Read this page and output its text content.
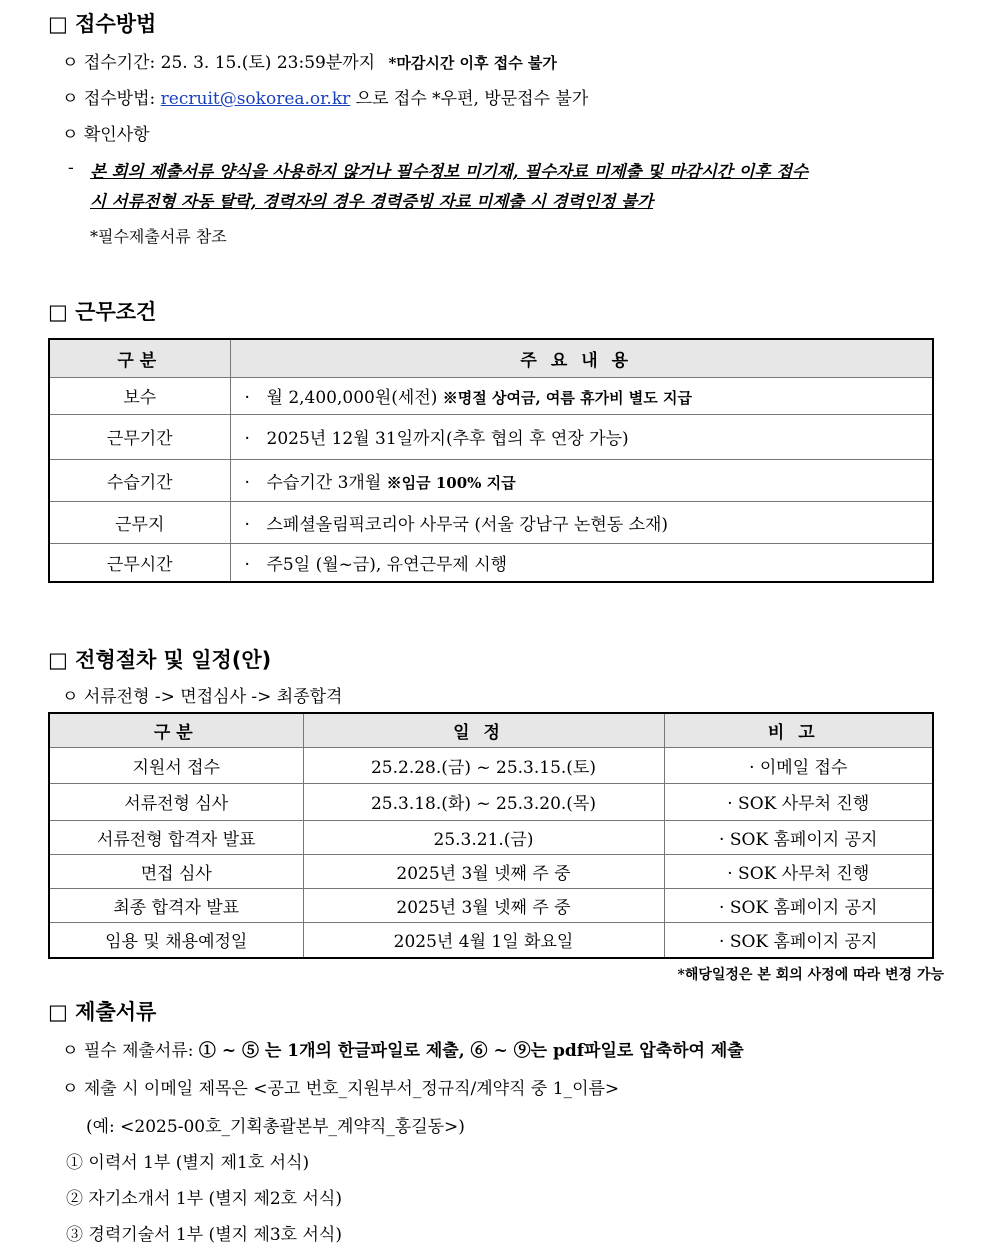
□ 접수방법
ㅇ 접수기간: 25. 3. 15.(토) 23:59분까지 *마감시간 이후 접수 불가
ㅇ 접수방법: recruit@sokorea.or.kr 으로 접수 *우편, 방문접수 불가
ㅇ 확인사항
- 본 회의 제출서류 양식을 사용하지 않거나 필수정보 미기재, 필수자료 미제출 및 마감시간 이후 접수
시 서류전형 자동 탈락, 경력자의 경우 경력증빙 자료 미제출 시 경력인정 불가
*필수제출서류 참조
□ 근무조건
구분	주요내용
보수	· 월 2,400,000원(세전) ※명절 상여금, 여름 휴가비 별도 지급
근무기간	· 2025년 12월 31일까지(추후 협의 후 연장 가능)
수습기간	· 수습기간 3개월 ※임금 100% 지급
근무지	· 스페셜올림픽코리아 사무국 (서울 강남구 논현동 소재)
근무시간	· 주5일 (월~금), 유연근무제 시행
□ 전형절차 및 일정(안)
ㅇ 서류전형 -> 면접심사 -> 최종합격
구분	일정	비고
지원서 접수	25.2.28.(금) ~ 25.3.15.(토)	· 이메일 접수
서류전형 심사	25.3.18.(화) ~ 25.3.20.(목)	· SOK 사무처 진행
서류전형 합격자 발표	25.3.21.(금)	· SOK 홈페이지 공지
면접 심사	2025년 3월 넷째 주 중	· SOK 사무처 진행
최종 합격자 발표	2025년 3월 넷째 주 중	· SOK 홈페이지 공지
임용 및 채용예정일	2025년 4월 1일 화요일	· SOK 홈페이지 공지
*해당일정은 본 회의 사정에 따라 변경 가능
□ 제출서류
ㅇ 필수 제출서류: ① ~ ⑤ 는 1개의 한글파일로 제출, ⑥ ~ ⑨는 pdf파일로 압축하여 제출
ㅇ 제출 시 이메일 제목은 <공고 번호_지원부서_정규직/계약직 중 1_이름>
(예: <2025-00호_기획총괄본부_계약직_홍길동>)
① 이력서 1부 (별지 제1호 서식)
② 자기소개서 1부 (별지 제2호 서식)
③ 경력기술서 1부 (별지 제3호 서식)
